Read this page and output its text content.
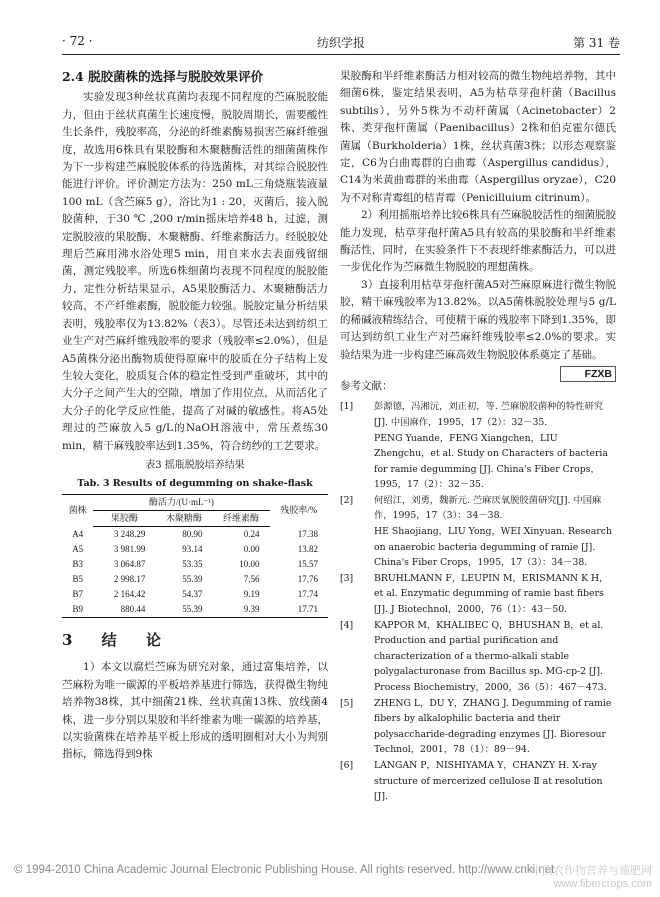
· 72 ·	纺织学报	第 31 卷
2.4 脱胶菌株的选择与脱胶效果评价

实验发现3种丝状真菌均表现不同程度的苎麻脱胶能力，但由于丝状真菌生长速度慢，脱胶周期长，需要酸性生长条件，残胶率高，分泌的纤维素酶易损害苎麻纤维强度，故选用6株具有果胶酶和木聚糖酶活性的细菌菌株作为下一步构建苎麻脱胶体系的待选菌株，对其综合脱胶性能进行评价。评价测定方法为：250 mL三角烧瓶装液量100 mL（含苎麻5 g），浴比为1 : 20，灭菌后，接入脱胶菌种，于30 ℃ ,200 r/min摇床培养48 h，过滤，测定脱胶液的果胶酶、木聚糖酶、纤维素酶活力。经脱胶处理后苎麻用沸水浴处理5 min，用自来水去表面残留细菌，测定残胶率。所选6株细菌均表现不同程度的脱胶能力，定性分析结果显示，A5果胶酶活力、木聚糖酶活力较高，不产纤维素酶，脱胶能力较强。脱胶定量分析结果表明，残胶率仅为13.82%（表3）。尽管还未达到纺织工业生产对苎麻纤维残胶率的要求（残胶率≤2.0%），但是A5菌株分泌出酶物质使得原麻中的胶质在分子结构上发生较大变化，胶质复合体的稳定性受到严重破坏，其中的大分子之间产生大的空隙，增加了作用位点，从而活化了大分子的化学反应性能，提高了对碱的敏感性。将A5处理过的苎麻放入5 g/L的NaOH溶液中，常压煮练30 min，精干麻残胶率达到1.35%，符合纺纱的工艺要求。

表3 摇瓶脱胶培养结果
Tab. 3 Results of degumming on shake-flask
菌株	酶活力/(U·mL⁻¹)			残胶率/%
	果胶酶	木聚糖酶	纤维素酶	
A4	3 248.29	80.90	0.24	17.38
A5	3 981.99	93.14	0.00	13.82
B3	3 064.87	53.35	10.00	15.57
B5	2 998.17	55.39	7.56	17.76
B7	2 164.42	54.37	9.19	17.74
B9	880.44	55.39	9.39	17.71
3 结 论

1）本文以腐烂苎麻为研究对象，通过富集培养，以苎麻粉为唯一碳源的平板培养基进行筛选，获得微生物纯培养物38株，其中细菌21株、丝状真菌13株、放线菌4株，进一步分别以果胶和半纤维素为唯一碳源的培养基，以实验菌株在培养基平板上形成的透明圈相对大小为判别指标，筛选得到9株

果胶酶和半纤维素酶活力相对较高的微生物纯培养物，其中细菌6株，鉴定结果表明，A5为枯草芽孢杆菌（Bacillus subtilis），另外5株为不动杆菌属（Acinetobacter）2株、类芽孢杆菌属（Paenibacillus）2株和伯克霍尔德氏菌属（Burkholderia）1株，丝状真菌3株；以形态观察鉴定，C6为白曲霉群的白曲霉（Aspergillus candidus），C14为米黄曲霉群的米曲霉（Aspergillus oryzae），C20为不对称青霉组的桔青霉（Penicilluium citrinum）。

2）利用摇瓶培养比较6株具有苎麻脱胶活性的细菌脱胶能力发现，枯草芽孢杆菌A5具有较高的果胶酶和半纤维素酶活性，同时，在实验条件下不表现纤维素酶活力，可以进一步优化作为苎麻微生物脱胶的理想菌株。

3）直接利用枯草芽孢杆菌A5对苎麻原麻进行微生物脱胶，精干麻残胶率为13.82%。以A5菌株脱胶处理与5 g/L的稀碱液精练结合，可使精干麻的残胶率下降到1.35%，即可达到纺织工业生产对苎麻纤维残胶率≤2.0%的要求。实验结果为进一步构建苎麻高效生物脱胶体系奠定了基础。
FZXB

参考文献：
[1]	彭源德，冯湘沅，刘正初，等. 苎麻脱胶菌种的特性研究[J]. 中国麻作，1995，17（2）：32－35.
PENG Yuande，FENG Xiangchen，LIU Zhengchu，et al. Study on Characters of bacteria for ramie degumming [J]. China's Fiber Crops，1995，17（2）：32－35.
[2]	何绍江，刘勇，魏新元. 苎麻厌氧脱胶菌研究[J]. 中国麻作，1995，17（3）：34－38.
HE Shaojiang，LIU Yong，WEI Xinyuan. Research on anaerobic bacteria degumming of ramie [J]. China's Fiber Crops，1995，17（3）：34－38.
[3]	BRUHLMANN F，LEUPIN M，ERISMANN K H，et al. Enzymatic degumming of ramie bast fibers [J]. J Biotechnol，2000，76（1）：43－50.
[4]	KAPPOR M，KHALIBEC Q，BHUSHAN B，et al. Production and partial purification and characterization of a thermo-alkali stable polygalacturonase from Bacillus sp. MG-cp-2 [J]. Process Biochemistry，2000，36（5）：467－473.
[5]	ZHENG L，DU Y，ZHANG J. Degumming of ramie fibers by alkalophilic bacteria and their polysaccharide-degrading enzymes [J]. Bioresour Technol，2001，78（1）：89－94.
[6]	LANGAN P，NISHIYAMA Y，CHANZY H. X-ray structure of mercerized cellulose Ⅱ at resolution [J].
© 1994-2010 China Academic Journal Electronic Publishing House. All rights reserved. http://www.cnki.net
中国农作物营养与施肥网
www.fibercrops.com
